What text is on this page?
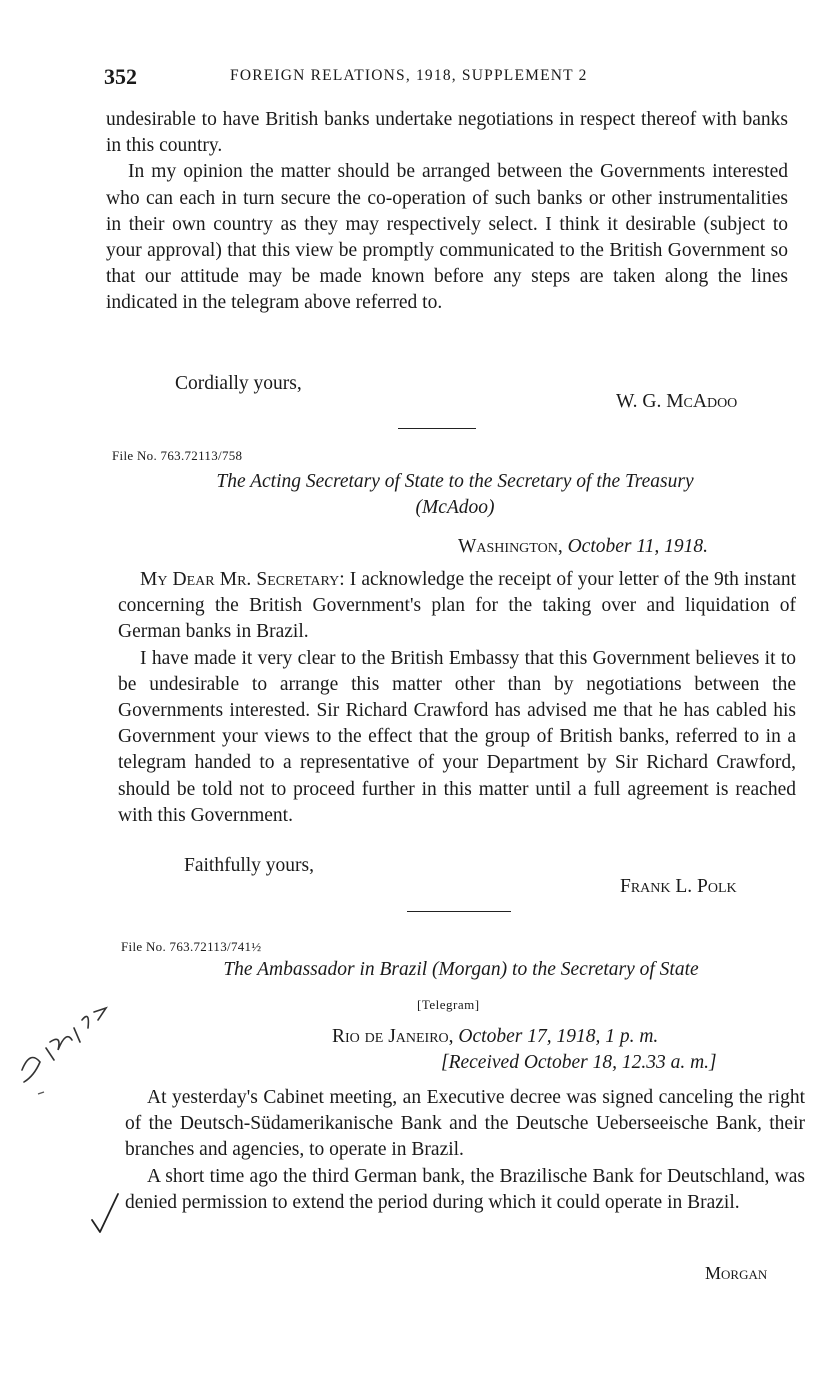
352	FOREIGN RELATIONS, 1918, SUPPLEMENT 2

undesirable to have British banks undertake negotiations in respect thereof with banks in this country.

In my opinion the matter should be arranged between the Governments interested who can each in turn secure the co-operation of such banks or other instrumentalities in their own country as they may respectively select. I think it desirable (subject to your approval) that this view be promptly communicated to the British Government so that our attitude may be made known before any steps are taken along the lines indicated in the telegram above referred to.

Cordially yours,
W. G. McAdoo
File No. 763.72113/758
The Acting Secretary of State to the Secretary of the Treasury
(McAdoo)
Washington, October 11, 1918.

My Dear Mr. Secretary: I acknowledge the receipt of your letter of the 9th instant concerning the British Government's plan for the taking over and liquidation of German banks in Brazil.

I have made it very clear to the British Embassy that this Government believes it to be undesirable to arrange this matter other than by negotiations between the Governments interested. Sir Richard Crawford has advised me that he has cabled his Government your views to the effect that the group of British banks, referred to in a telegram handed to a representative of your Department by Sir Richard Crawford, should be told not to proceed further in this matter until a full agreement is reached with this Government.

Faithfully yours,
Frank L. Polk
File No. 763.72113/741½
The Ambassador in Brazil (Morgan) to the Secretary of State
[Telegram]
Rio de Janeiro, October 17, 1918, 1 p. m.
[Received October 18, 12.33 a. m.]

At yesterday's Cabinet meeting, an Executive decree was signed canceling the right of the Deutsch-Südamerikanische Bank and the Deutsche Ueberseeische Bank, their branches and agencies, to operate in Brazil.

A short time ago the third German bank, the Brazilische Bank for Deutschland, was denied permission to extend the period during which it could operate in Brazil.

Morgan
